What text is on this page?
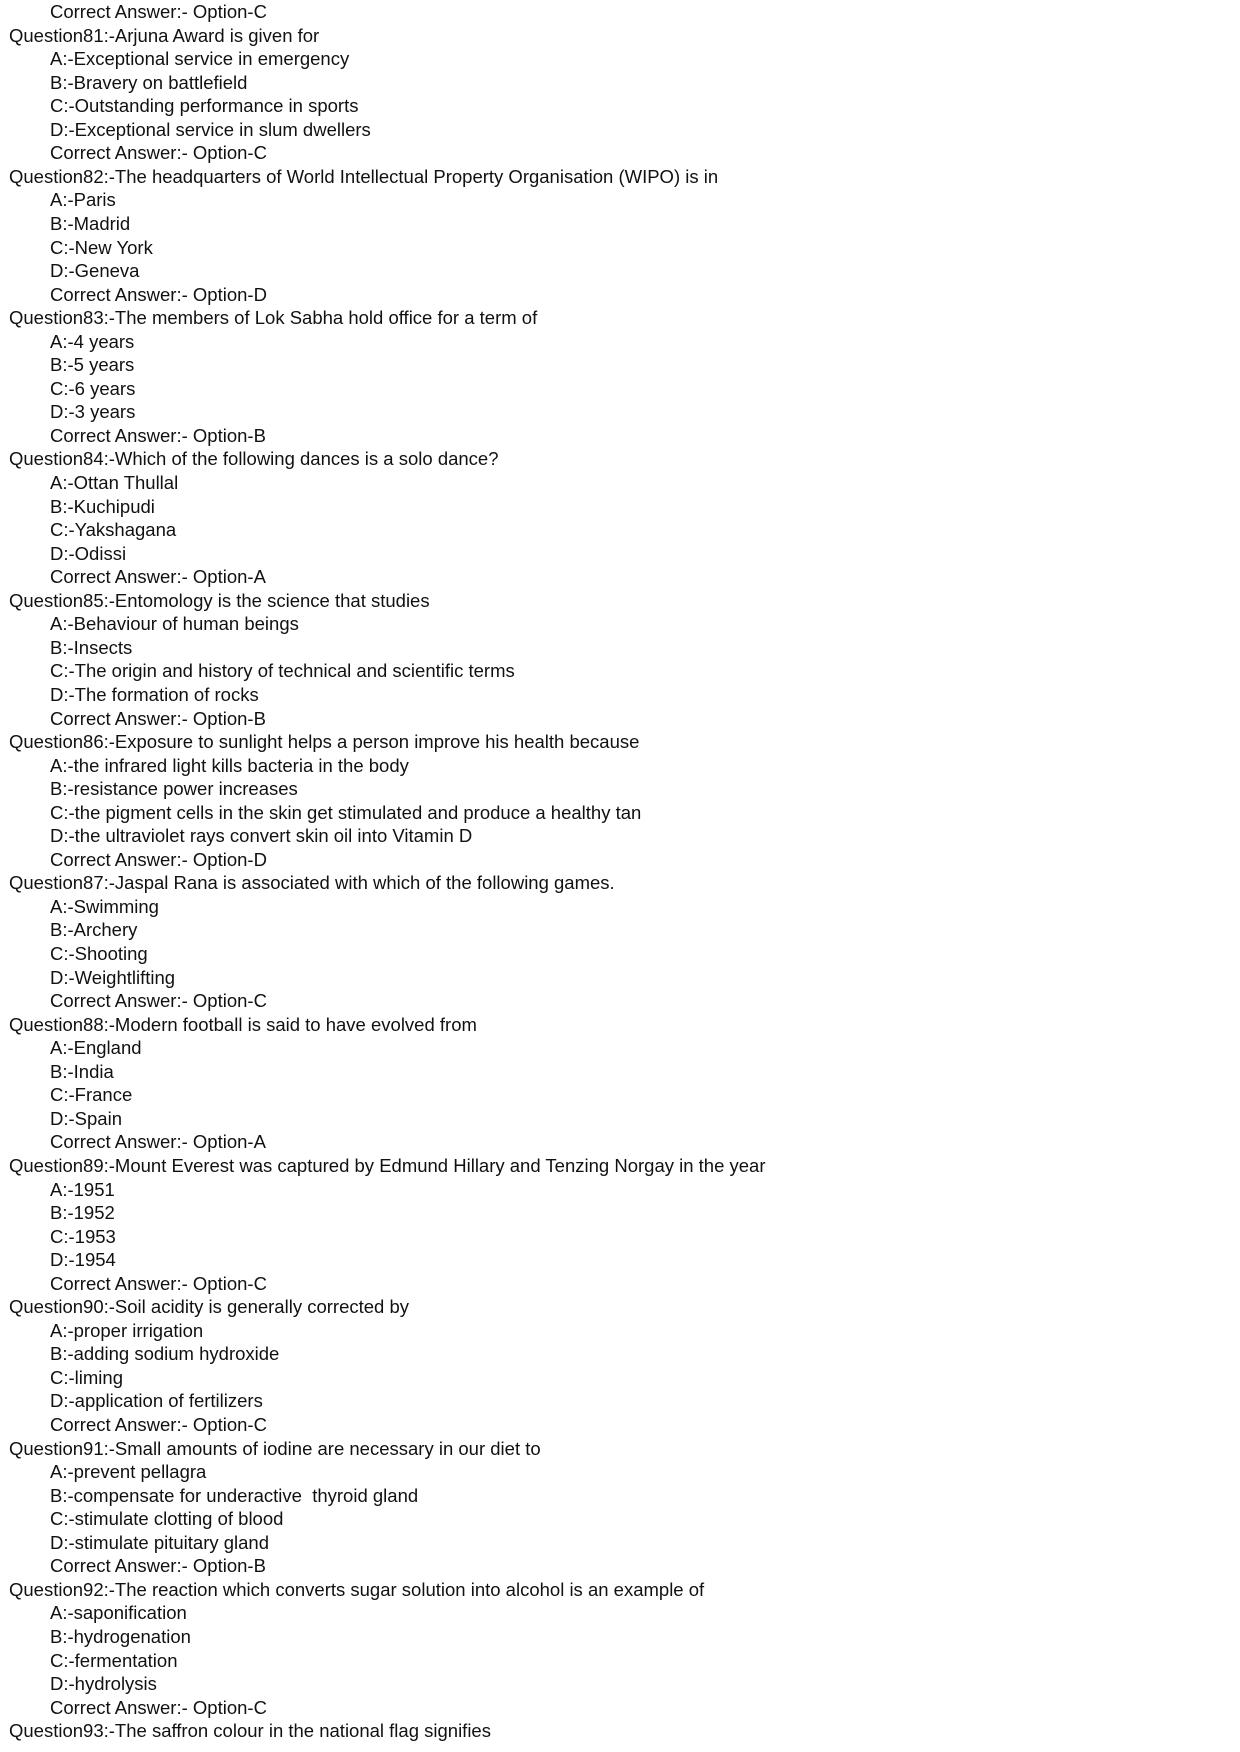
Correct Answer:- Option-C
Question81:-Arjuna Award is given for
A:-Exceptional service in emergency
B:-Bravery on battlefield
C:-Outstanding performance in sports
D:-Exceptional service in slum dwellers
Correct Answer:- Option-C
Question82:-The headquarters of World Intellectual Property Organisation (WIPO) is in
A:-Paris
B:-Madrid
C:-New York
D:-Geneva
Correct Answer:- Option-D
Question83:-The members of Lok Sabha hold office for a term of
A:-4 years
B:-5 years
C:-6 years
D:-3 years
Correct Answer:- Option-B
Question84:-Which of the following dances is a solo dance?
A:-Ottan Thullal
B:-Kuchipudi
C:-Yakshagana
D:-Odissi
Correct Answer:- Option-A
Question85:-Entomology is the science that studies
A:-Behaviour of human beings
B:-Insects
C:-The origin and history of technical and scientific terms
D:-The formation of rocks
Correct Answer:- Option-B
Question86:-Exposure to sunlight helps a person improve his health because
A:-the infrared light kills bacteria in the body
B:-resistance power increases
C:-the pigment cells in the skin get stimulated and produce a healthy tan
D:-the ultraviolet rays convert skin oil into Vitamin D
Correct Answer:- Option-D
Question87:-Jaspal Rana is associated with which of the following games.
A:-Swimming
B:-Archery
C:-Shooting
D:-Weightlifting
Correct Answer:- Option-C
Question88:-Modern football is said to have evolved from
A:-England
B:-India
C:-France
D:-Spain
Correct Answer:- Option-A
Question89:-Mount Everest was captured by Edmund Hillary and Tenzing Norgay in the year
A:-1951
B:-1952
C:-1953
D:-1954
Correct Answer:- Option-C
Question90:-Soil acidity is generally corrected by
A:-proper irrigation
B:-adding sodium hydroxide
C:-liming
D:-application of fertilizers
Correct Answer:- Option-C
Question91:-Small amounts of iodine are necessary in our diet to
A:-prevent pellagra
B:-compensate for underactive  thyroid gland
C:-stimulate clotting of blood
D:-stimulate pituitary gland
Correct Answer:- Option-B
Question92:-The reaction which converts sugar solution into alcohol is an example of
A:-saponification
B:-hydrogenation
C:-fermentation
D:-hydrolysis
Correct Answer:- Option-C
Question93:-The saffron colour in the national flag signifies
